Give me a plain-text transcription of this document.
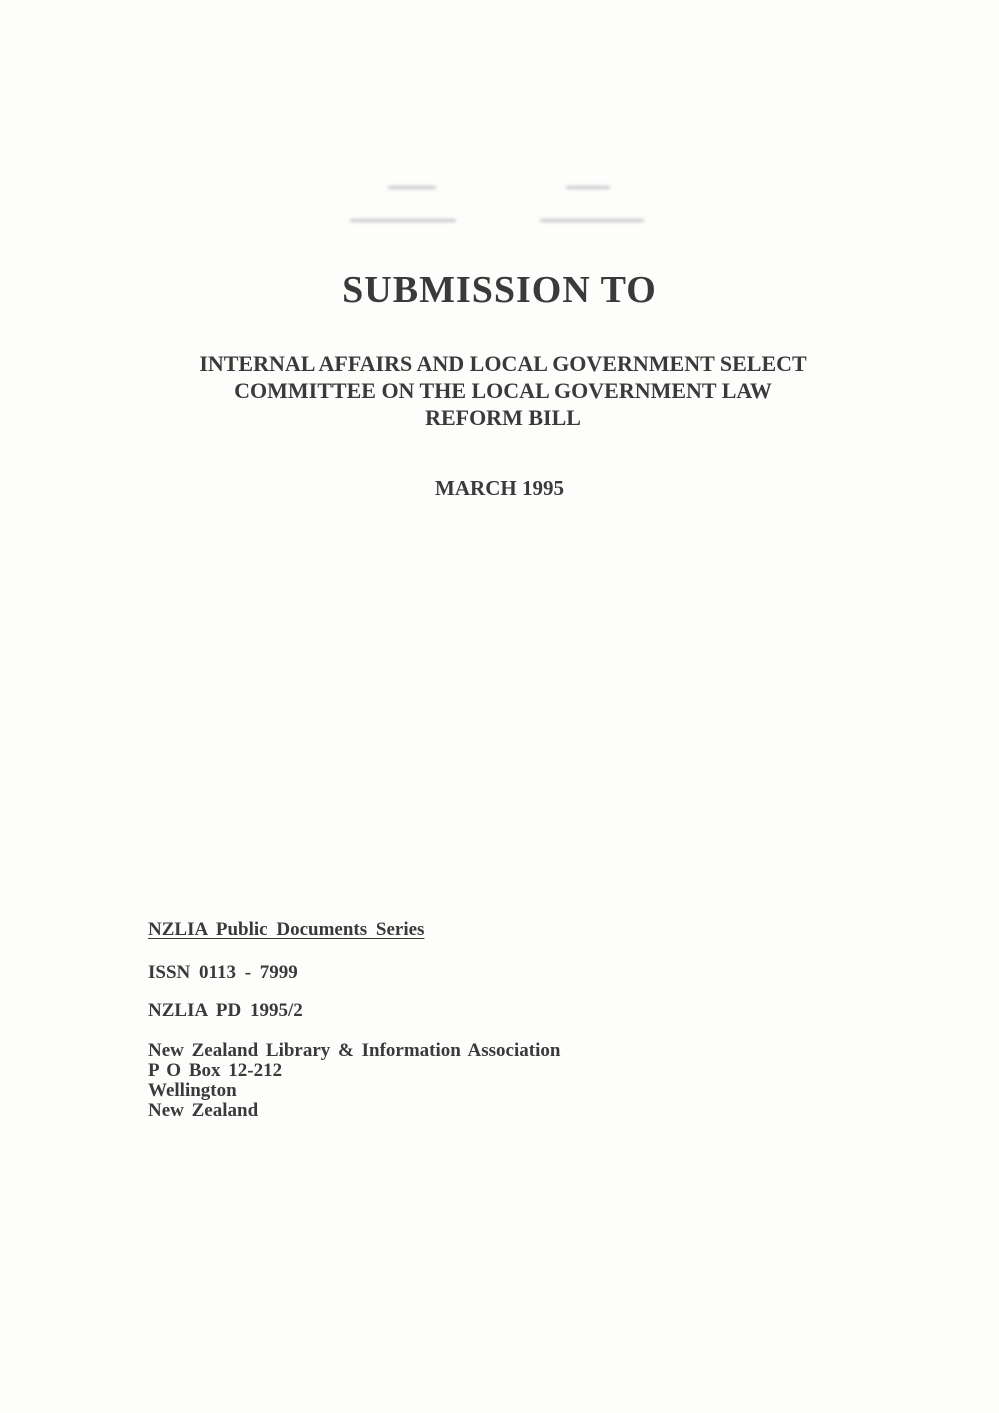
SUBMISSION TO
INTERNAL AFFAIRS AND LOCAL GOVERNMENT SELECT
COMMITTEE ON THE LOCAL GOVERNMENT LAW
REFORM BILL
MARCH 1995
NZLIA Public Documents Series
ISSN 0113 - 7999
NZLIA PD 1995/2
New Zealand Library & Information Association
P O Box 12-212
Wellington
New Zealand
